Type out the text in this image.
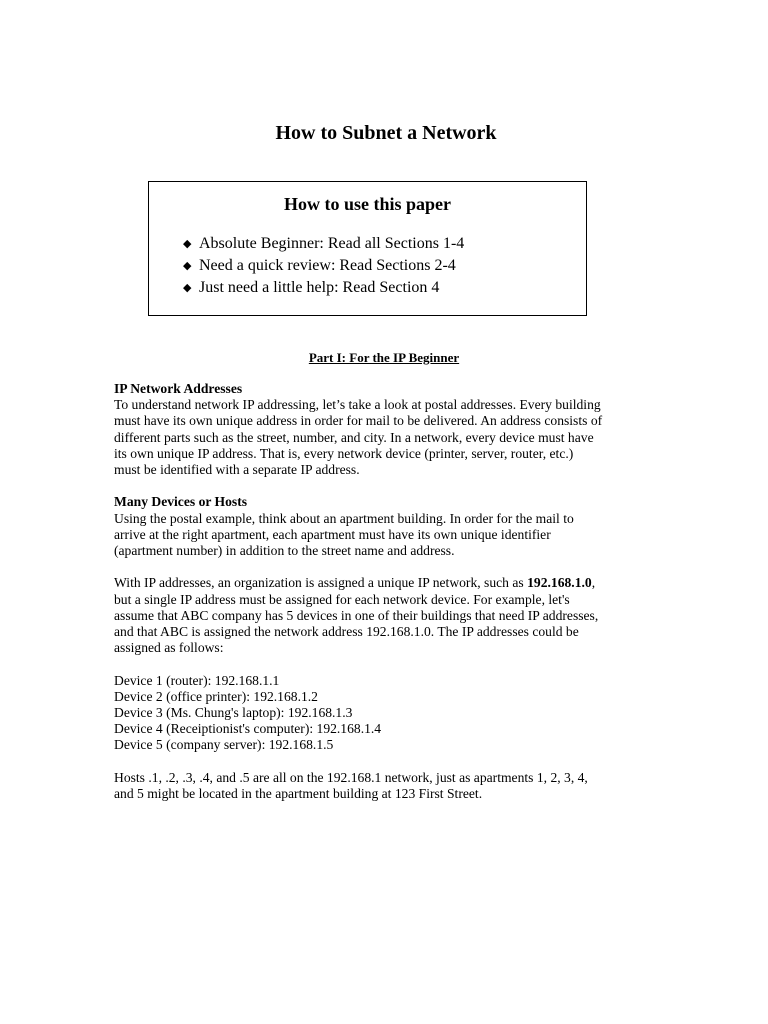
How to Subnet a Network
How to use this paper
◆ Absolute Beginner: Read all Sections 1-4
◆ Need a quick review: Read Sections 2-4
◆ Just need a little help: Read Section 4
Part I: For the IP Beginner

IP Network Addresses

To understand network IP addressing, let’s take a look at postal addresses. Every building

must have its own unique address in order for mail to be delivered. An address consists of

different parts such as the street, number, and city. In a network, every device must have

its own unique IP address. That is, every network device (printer, server, router, etc.)

must be identified with a separate IP address.

Many Devices or Hosts

Using the postal example, think about an apartment building. In order for the mail to

arrive at the right apartment, each apartment must have its own unique identifier

(apartment number) in addition to the street name and address.

With IP addresses, an organization is assigned a unique IP network, such as 192.168.1.0,

but a single IP address must be assigned for each network device. For example, let's

assume that ABC company has 5 devices in one of their buildings that need IP addresses,

and that ABC is assigned the network address 192.168.1.0. The IP addresses could be

assigned as follows:

Device 1 (router): 192.168.1.1

Device 2 (office printer): 192.168.1.2

Device 3 (Ms. Chung's laptop): 192.168.1.3

Device 4 (Receiptionist's computer): 192.168.1.4

Device 5 (company server): 192.168.1.5

Hosts .1, .2, .3, .4, and .5 are all on the 192.168.1 network, just as apartments 1, 2, 3, 4,

and 5 might be located in the apartment building at 123 First Street.
